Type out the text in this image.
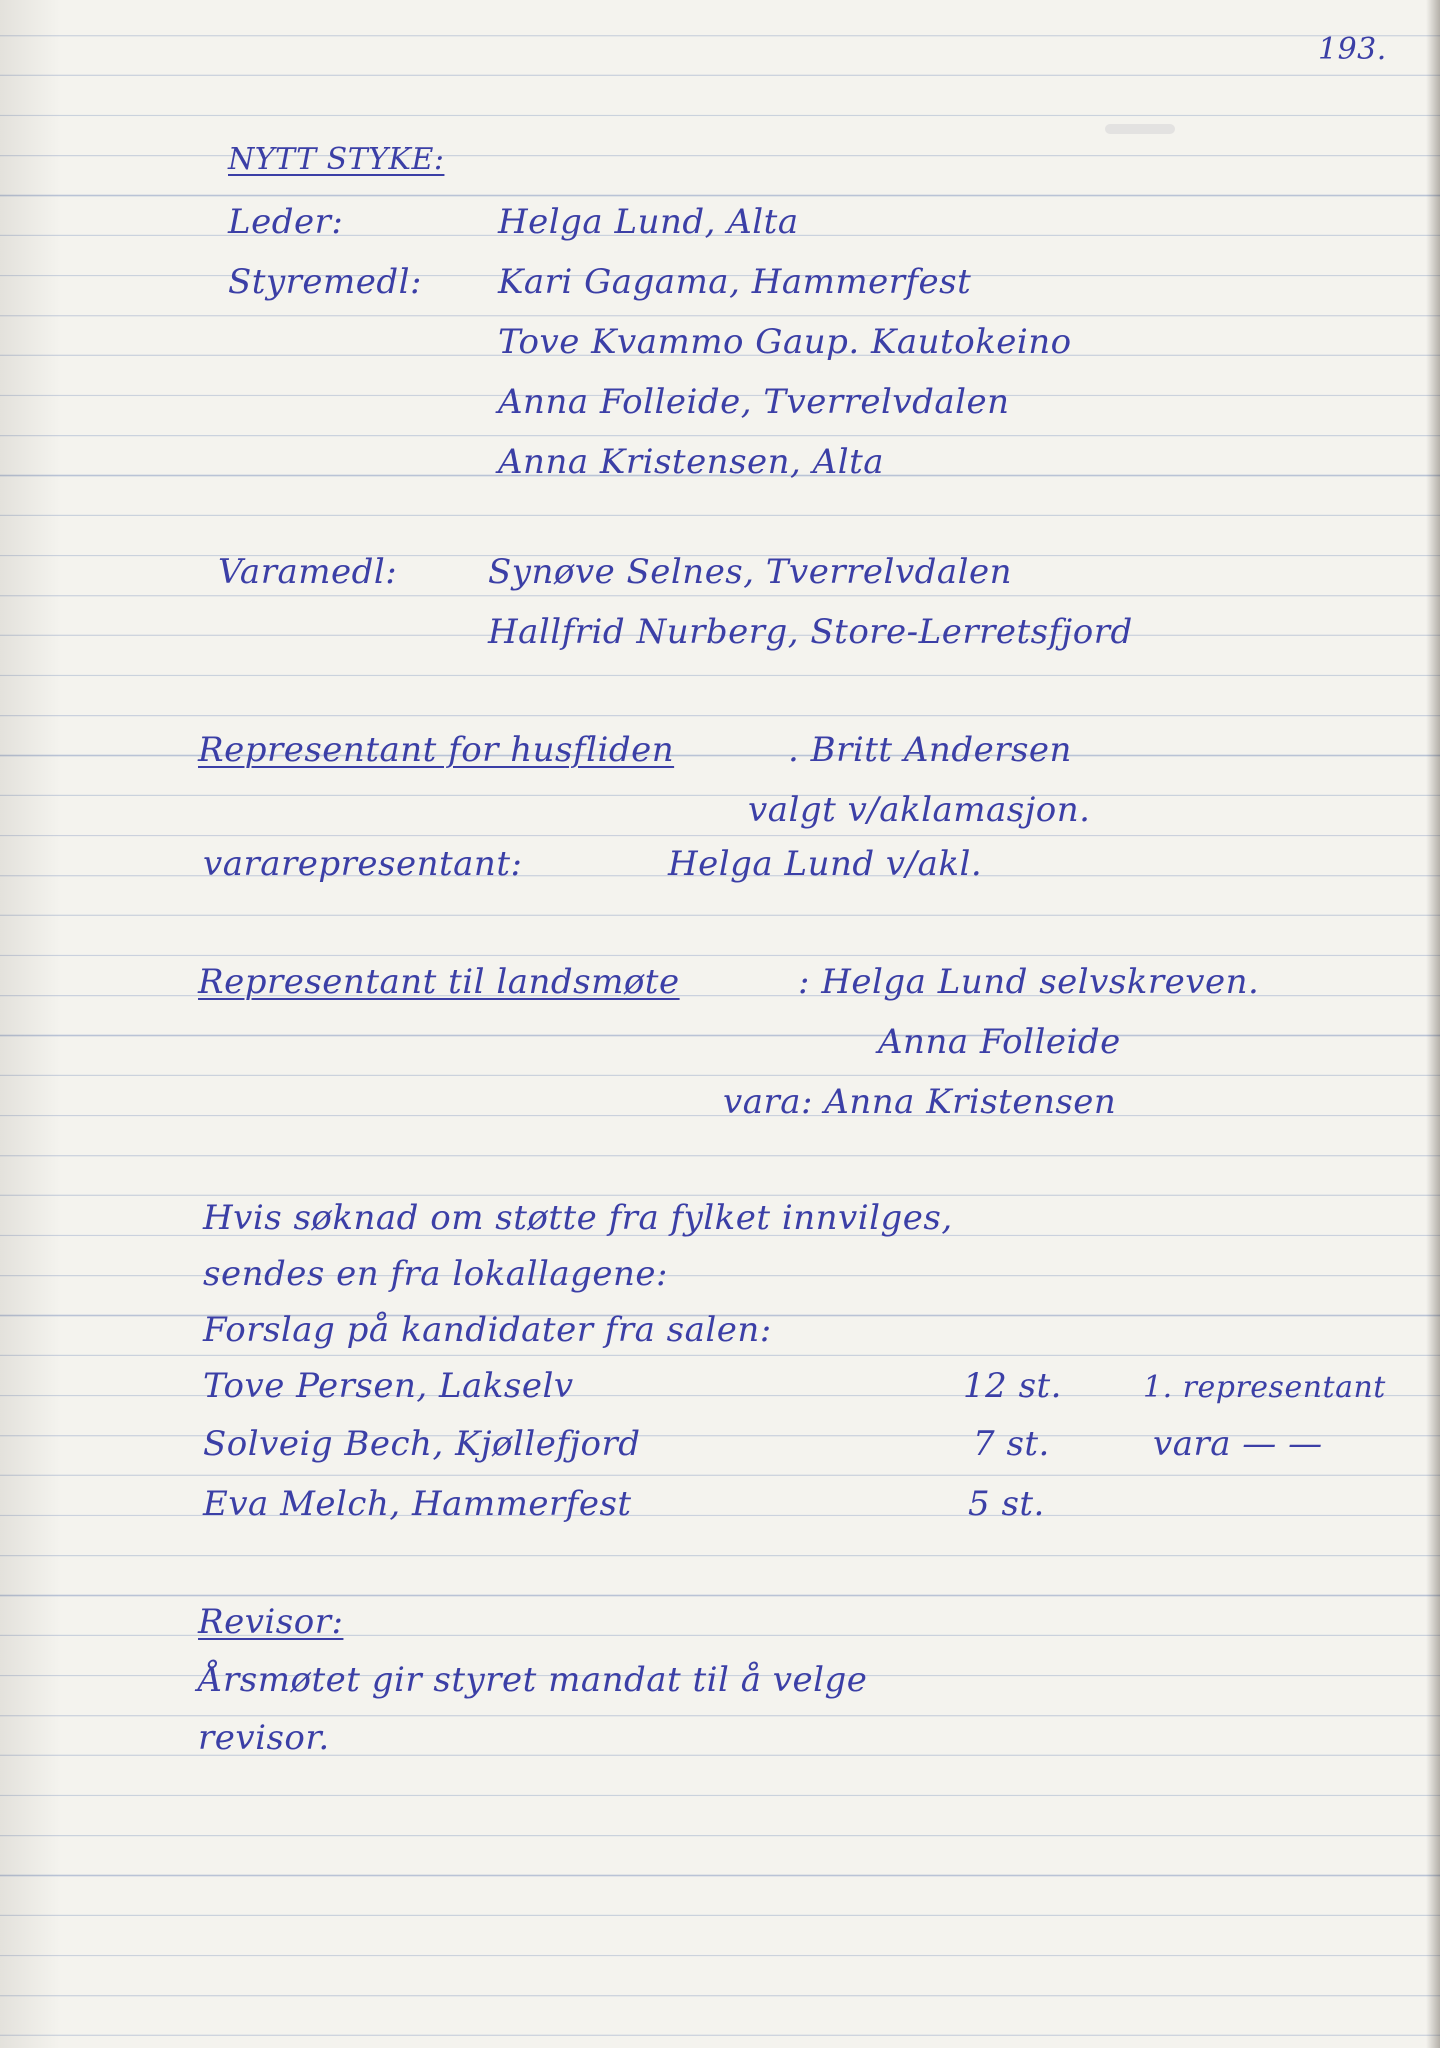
193.
NYTT STYKE:
Leder:	Helga Lund, Alta
Styremedl: Kari Gagama, Hammerfest
Tove Kvammo Gaup. Kautokeino
Anna Folleide, Tverrelvdalen
Anna Kristensen, Alta
Varamedl:	Synøve Selnes, Tverrelvdalen
Hallfrid Nurberg, Store-Lerretsfjord
Representant for husfliden	. Britt Andersen
valgt v/aklamasjon.
vararepresentant:	Helga Lund v/akl.
Representant til landsmøte	: Helga Lund selvskreven.
Anna Folleide
vara: Anna Kristensen
Hvis søknad om støtte fra fylket innvilges,
sendes en fra lokallagene:
Forslag på kandidater fra salen:
Tove Persen, Lakselv	12 st.	1. representant
Solveig Bech, Kjøllefjord	7 st.	vara — —
Eva Melch, Hammerfest	5 st.
Revisor:
Årsmøtet gir styret mandat til å velge
revisor.
